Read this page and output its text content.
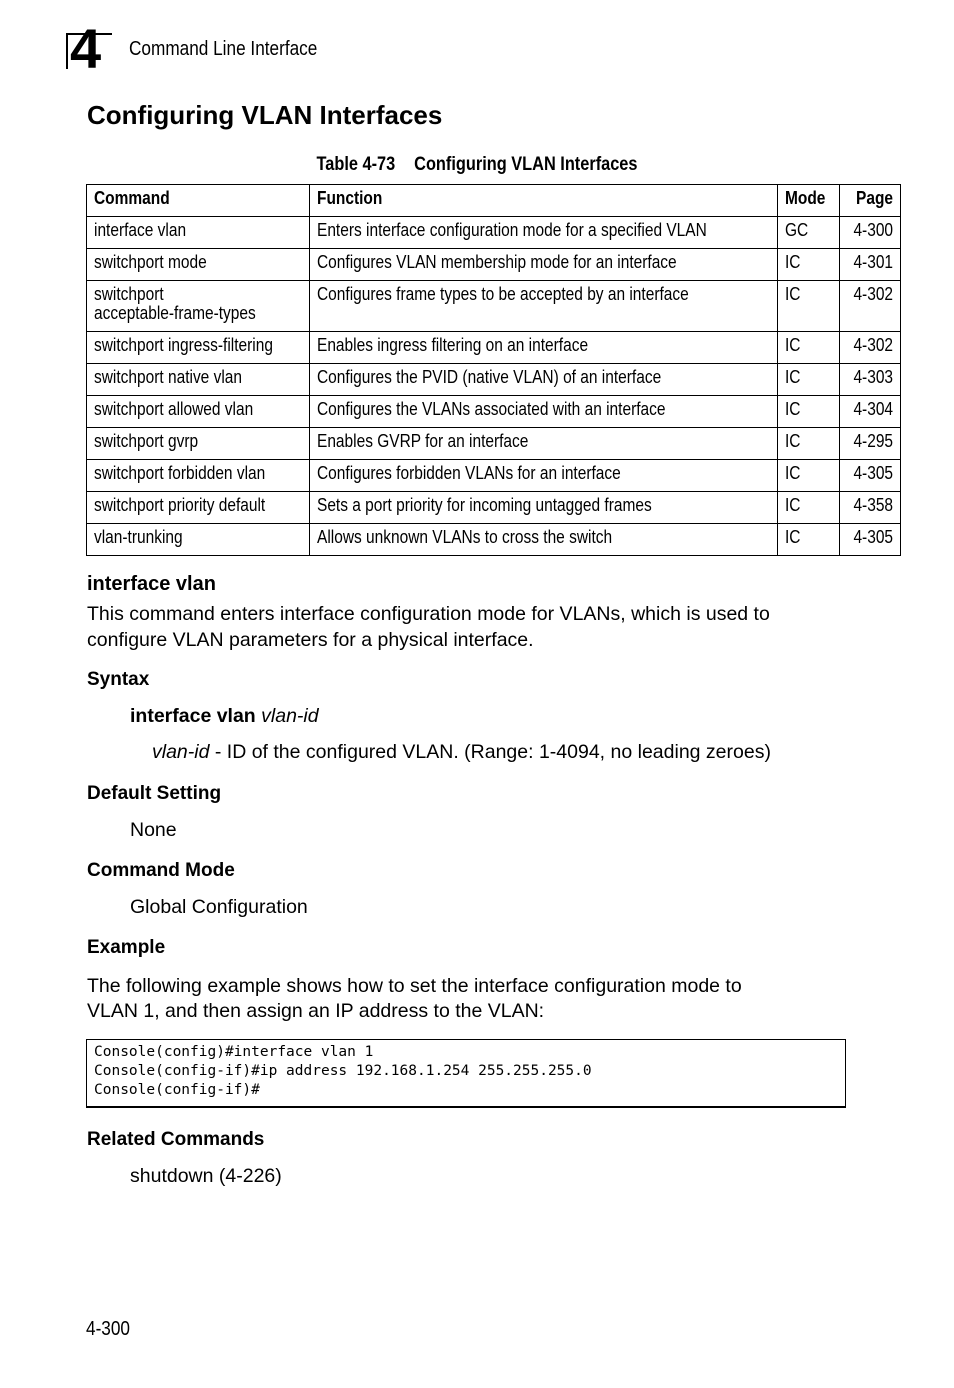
4 Command Line Interface
Configuring VLAN Interfaces
Table 4-73 Configuring VLAN Interfaces
Command	Function	Mode	Page
interface vlan	Enters interface configuration mode for a specified VLAN	GC	4-300
switchport mode	Configures VLAN membership mode for an interface	IC	4-301
switchport
acceptable-frame-types	Configures frame types to be accepted by an interface	IC	4-302
switchport ingress-filtering	Enables ingress filtering on an interface	IC	4-302
switchport native vlan	Configures the PVID (native VLAN) of an interface	IC	4-303
switchport allowed vlan	Configures the VLANs associated with an interface	IC	4-304
switchport gvrp	Enables GVRP for an interface	IC	4-295
switchport forbidden vlan	Configures forbidden VLANs for an interface	IC	4-305
switchport priority default	Sets a port priority for incoming untagged frames	IC	4-358
vlan-trunking	Allows unknown VLANs to cross the switch	IC	4-305
interface vlan
This command enters interface configuration mode for VLANs, which is used to
configure VLAN parameters for a physical interface.
Syntax
interface vlan vlan-id
vlan-id - ID of the configured VLAN. (Range: 1-4094, no leading zeroes)
Default Setting
None
Command Mode
Global Configuration
Example
The following example shows how to set the interface configuration mode to
VLAN 1, and then assign an IP address to the VLAN:
Console(config)#interface vlan 1
Console(config-if)#ip address 192.168.1.254 255.255.255.0
Console(config-if)#
Related Commands
shutdown (4-226)
4-300
